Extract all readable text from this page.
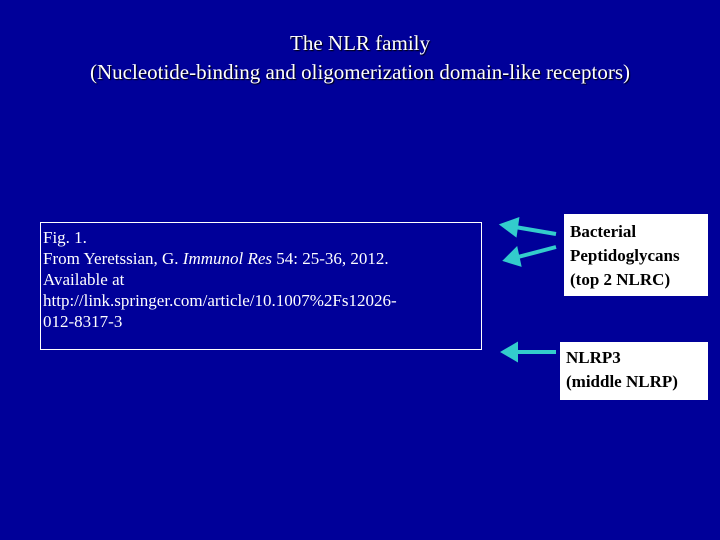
The NLR family
(Nucleotide-binding and oligomerization domain-like receptors)
Fig. 1.
From Yeretssian, G. Immunol Res 54: 25-36, 2012.
Available at
http://link.springer.com/article/10.1007%2Fs12026-
012-8317-3
Bacterial
Peptidoglycans
(top 2 NLRC)
NLRP3
(middle NLRP)
